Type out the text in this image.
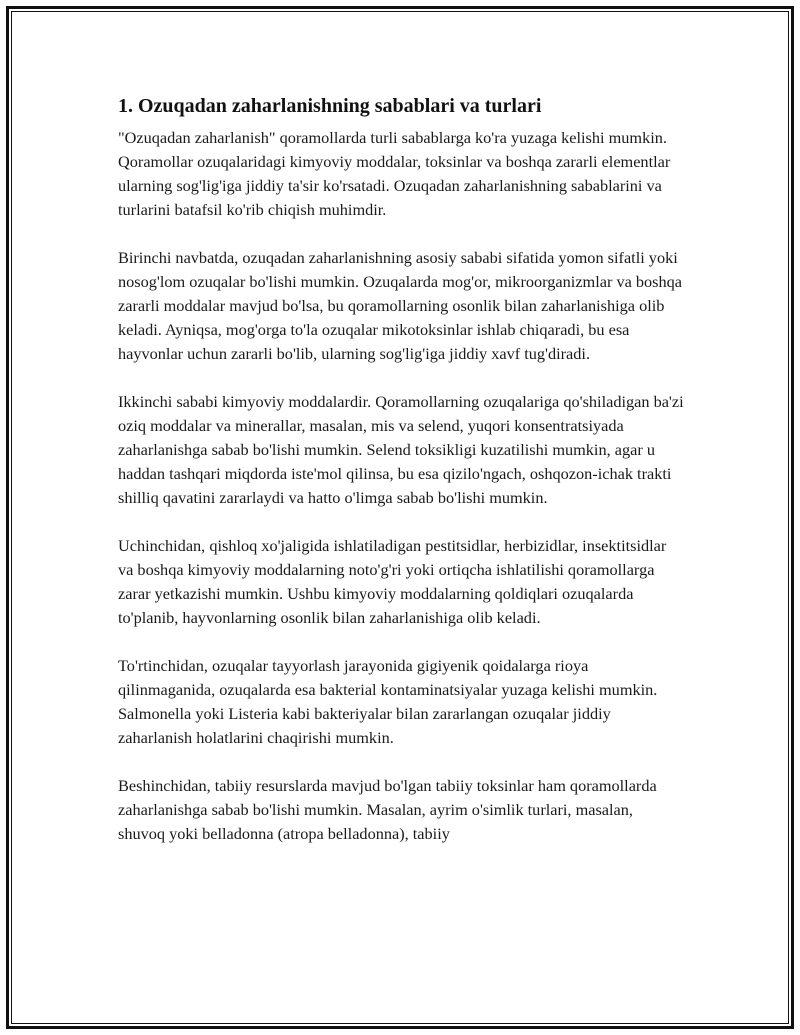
1. Ozuqadan zaharlanishning sabablari va turlari

"Ozuqadan zaharlanish" qoramollarda turli sabablarga ko'ra yuzaga kelishi mumkin. Qoramollar ozuqalaridagi kimyoviy moddalar, toksinlar va boshqa zararli elementlar ularning sog'lig'iga jiddiy ta'sir ko'rsatadi. Ozuqadan zaharlanishning sabablarini va turlarini batafsil ko'rib chiqish muhimdir.

Birinchi navbatda, ozuqadan zaharlanishning asosiy sababi sifatida yomon sifatli yoki nosog'lom ozuqalar bo'lishi mumkin. Ozuqalarda mog'or, mikroorganizmlar va boshqa zararli moddalar mavjud bo'lsa, bu qoramollarning osonlik bilan zaharlanishiga olib keladi. Ayniqsa, mog'orga to'la ozuqalar mikotoksinlar ishlab chiqaradi, bu esa hayvonlar uchun zararli bo'lib, ularning sog'lig'iga jiddiy xavf tug'diradi.

Ikkinchi sababi kimyoviy moddalardir. Qoramollarning ozuqalariga qo'shiladigan ba'zi oziq moddalar va minerallar, masalan, mis va selend, yuqori konsentratsiyada zaharlanishga sabab bo'lishi mumkin. Selend toksikligi kuzatilishi mumkin, agar u haddan tashqari miqdorda iste'mol qilinsa, bu esa qizilo'ngach, oshqozon-ichak trakti shilliq qavatini zararlaydi va hatto o'limga sabab bo'lishi mumkin.

Uchinchidan, qishloq xo'jaligida ishlatiladigan pestitsidlar, herbizidlar, insektitsidlar va boshqa kimyoviy moddalarning noto'g'ri yoki ortiqcha ishlatilishi qoramollarga zarar yetkazishi mumkin. Ushbu kimyoviy moddalarning qoldiqlari ozuqalarda to'planib, hayvonlarning osonlik bilan zaharlanishiga olib keladi.

To'rtinchidan, ozuqalar tayyorlash jarayonida gigiyenik qoidalarga rioya qilinmaganida, ozuqalarda esa bakterial kontaminatsiyalar yuzaga kelishi mumkin. Salmonella yoki Listeria kabi bakteriyalar bilan zararlangan ozuqalar jiddiy zaharlanish holatlarini chaqirishi mumkin.

Beshinchidan, tabiiy resurslarda mavjud bo'lgan tabiiy toksinlar ham qoramollarda zaharlanishga sabab bo'lishi mumkin. Masalan, ayrim o'simlik turlari, masalan, shuvoq yoki belladonna (atropa belladonna), tabiiy
